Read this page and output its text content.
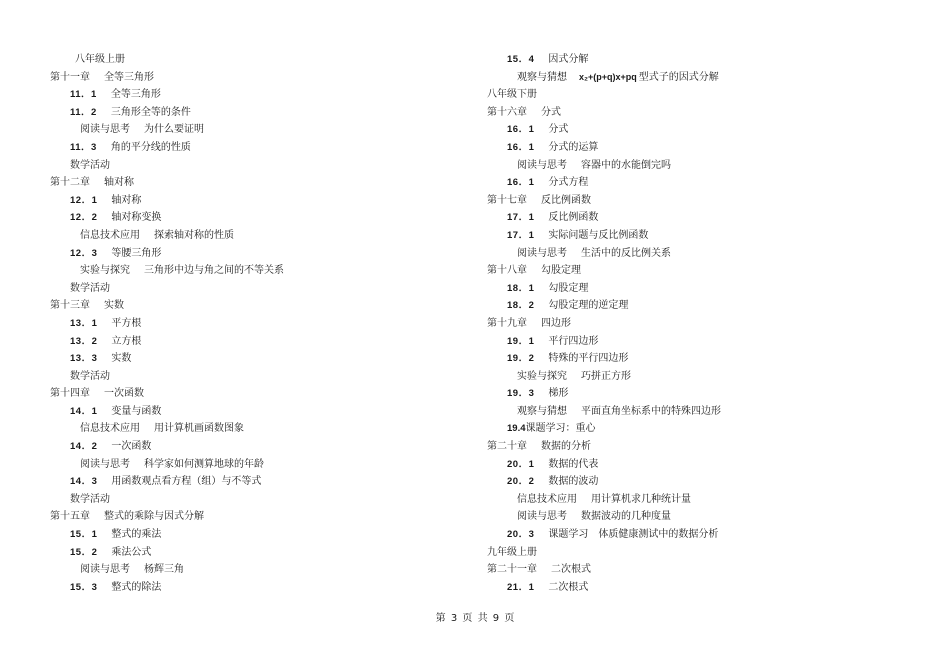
八年级上册
第十一章 全等三角形
11．1 全等三角形
11．2 三角形全等的条件
阅读与思考 为什么要证明
11．3 角的平分线的性质
数学活动
第十二章 轴对称
12．1 轴对称
12．2 轴对称变换
信息技术应用 探索轴对称的性质
12．3 等腰三角形
实验与探究 三角形中边与角之间的不等关系
数学活动
第十三章 实数
13．1 平方根
13．2 立方根
13．3 实数
数学活动
第十四章 一次函数
14．1 变量与函数
信息技术应用 用计算机画函数图象
14．2 一次函数
阅读与思考 科学家如何测算地球的年龄
14．3 用函数观点看方程（组）与不等式
数学活动
第十五章 整式的乘除与因式分解
15．1 整式的乘法
15．2 乘法公式
阅读与思考 杨辉三角
15．3 整式的除法
15．4 因式分解
观察与猜想 x₂+(p+q)x+pq 型式子的因式分解
八年级下册
第十六章 分式
16．1 分式
16．1 分式的运算
阅读与思考 容器中的水能倒完吗
16．1 分式方程
第十七章 反比例函数
17．1 反比例函数
17．1 实际问题与反比例函数
阅读与思考 生活中的反比例关系
第十八章 勾股定理
18．1 勾股定理
18．2 勾股定理的逆定理
第十九章 四边形
19．1 平行四边形
19．2 特殊的平行四边形
实验与探究 巧拼正方形
19．3 梯形
观察与猜想 平面直角坐标系中的特殊四边形
19.4课题学习：重心
第二十章 数据的分析
20．1 数据的代表
20．2 数据的波动
信息技术应用 用计算机求几种统计量
阅读与思考 数据波动的几种度量
20．3 课题学习　体质健康测试中的数据分析
九年级上册
第二十一章 二次根式
21．1 二次根式
第 3 页 共 9 页
